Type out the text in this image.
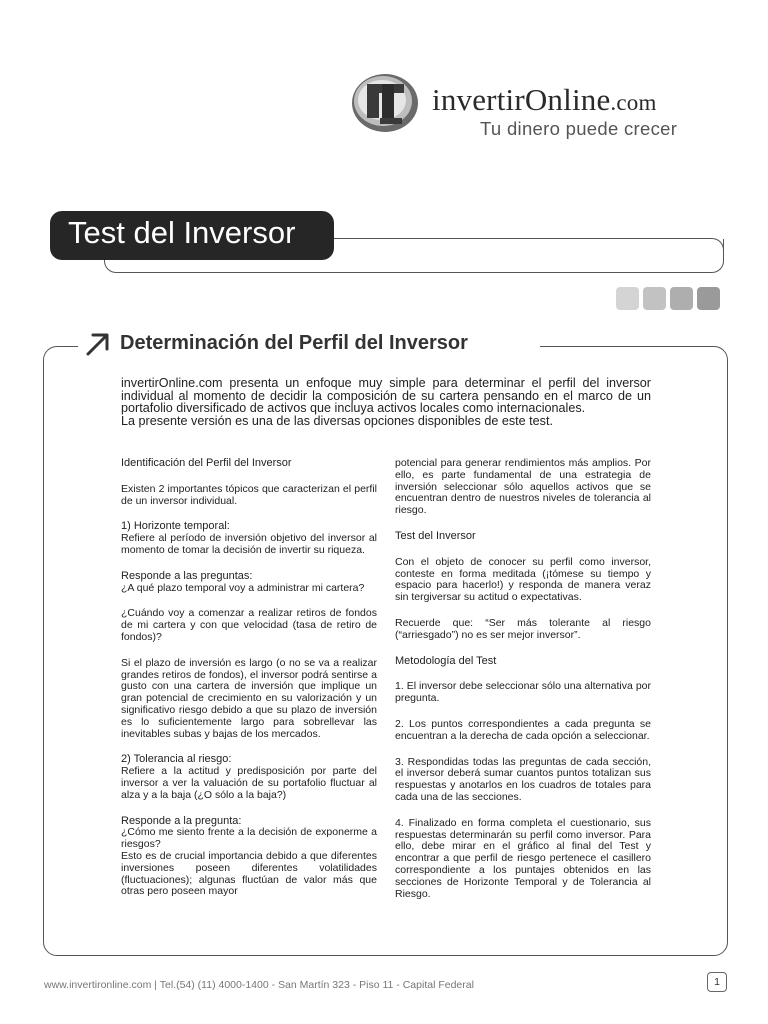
invertirOnline.com
Tu dinero puede crecer
Test del Inversor
Determinación del Perfil del Inversor

invertirOnline.com presenta un enfoque muy simple para determinar el perfil del inversor individual al momento de decidir la composición de su cartera pensando en el marco de un portafolio diversificado de activos que incluya activos locales como internacionales.

La presente versión es una de las diversas opciones disponibles de este test.

Identificación del Perfil del Inversor

Existen 2 importantes tópicos que caracterizan el perfil de un inversor individual.

1) Horizonte temporal:
Refiere al período de inversión objetivo del inversor al momento de tomar la decisión de invertir su riqueza.

Responde a las preguntas:
¿A qué plazo temporal voy a administrar mi cartera?

¿Cuándo voy a comenzar a realizar retiros de fondos de mi cartera y con que velocidad (tasa de retiro de fondos)?

Si el plazo de inversión es largo (o no se va a realizar grandes retiros de fondos), el inversor podrá sentirse a gusto con una cartera de inversión que implique un gran potencial de crecimiento en su valorización y un significativo riesgo debido a que su plazo de inversión es lo suficientemente largo para sobrellevar las inevitables subas y bajas de los mercados.

2) Tolerancia al riesgo:
Refiere a la actitud y predisposición por parte del inversor a ver la valuación de su portafolio fluctuar al alza y a la baja (¿O sólo a la baja?)

Responde a la pregunta:
¿Cómo me siento frente a la decisión de exponerme a riesgos?
Esto es de crucial importancia debido a que diferentes inversiones poseen diferentes volatilidades (fluctuaciones); algunas fluctúan de valor más que otras pero poseen mayor

potencial para generar rendimientos más amplios. Por ello, es parte fundamental de una estrategia de inversión seleccionar sólo aquellos activos que se encuentran dentro de nuestros niveles de tolerancia al riesgo.

Test del Inversor

Con el objeto de conocer su perfil como inversor, conteste en forma meditada (¡tómese su tiempo y espacio para hacerlo!) y responda de manera veraz sin tergiversar su actitud o expectativas.

Recuerde que: “Ser más tolerante al riesgo (“arriesgado”) no es ser mejor inversor”.

Metodología del Test

1. El inversor debe seleccionar sólo una alternativa por pregunta.

2. Los puntos correspondientes a cada pregunta se encuentran a la derecha de cada opción a seleccionar.

3. Respondidas todas las preguntas de cada sección, el inversor deberá sumar cuantos puntos totalizan sus respuestas y anotarlos en los cuadros de totales para cada una de las secciones.

4. Finalizado en forma completa el cuestionario, sus respuestas determinarán su perfil como inversor. Para ello, debe mirar en el gráfico al final del Test y encontrar a que perfil de riesgo pertenece el casillero correspondiente a los puntajes obtenidos en las secciones de Horizonte Temporal y de Tolerancia al Riesgo.

www.invertironline.com | Tel.(54) (11) 4000-1400 - San Martín 323 - Piso 11 - Capital Federal	1
